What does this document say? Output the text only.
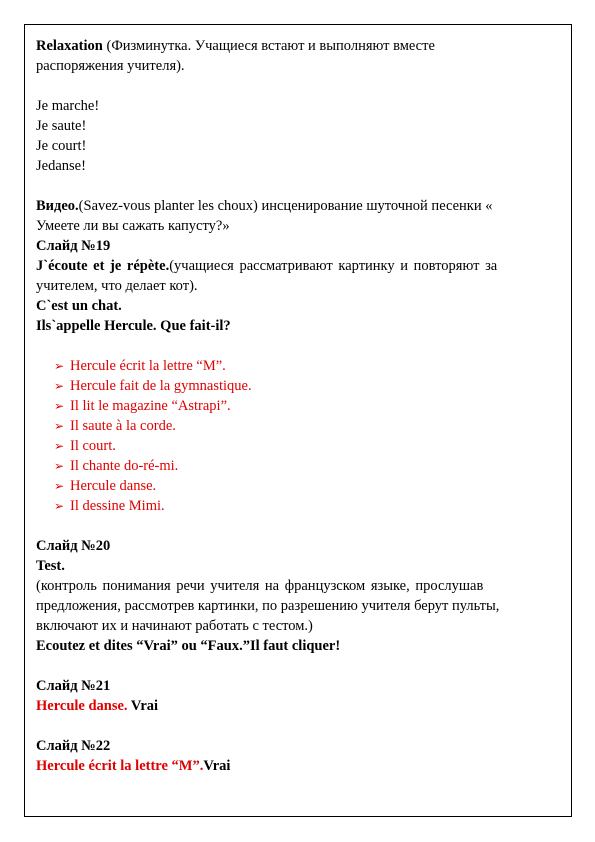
Relaxation (Физминутка. Учащиеся встают и выполняют вместе

распоряжения учителя).

Je marche!

Je saute!

Je court!

Jedanse!

Видео.(Savez-vous planter les choux) инсценирование шуточной песенки «

Умеете ли вы сажать капусту?»

Слайд №19

J`écoute et je répète.(учащиеся рассматривают картинку и повторяют за

учителем, что делает кот).

C`est un chat.

Ils`appelle Hercule. Que fait-il?

➢ Hercule écrit la lettre “M”.
➢ Hercule fait de la gymnastique.
➢ Il lit le magazine “Astrapi”.
➢ Il saute à la corde.
➢ Il court.
➢ Il chante do-ré-mi.
➢ Hercule danse.
➢ Il dessine Mimi.

Слайд №20

Test.

(контроль понимания речи учителя на французском языке, прослушав

предложения, рассмотрев картинки, по разрешению учителя берут пульты,

включают их и начинают работать с тестом.)

Ecoutez et dites “Vrai” ou “Faux.”Il faut cliquer!

Слайд №21

Hercule danse. Vrai

Слайд №22

Hercule écrit la lettre “M”.Vrai
